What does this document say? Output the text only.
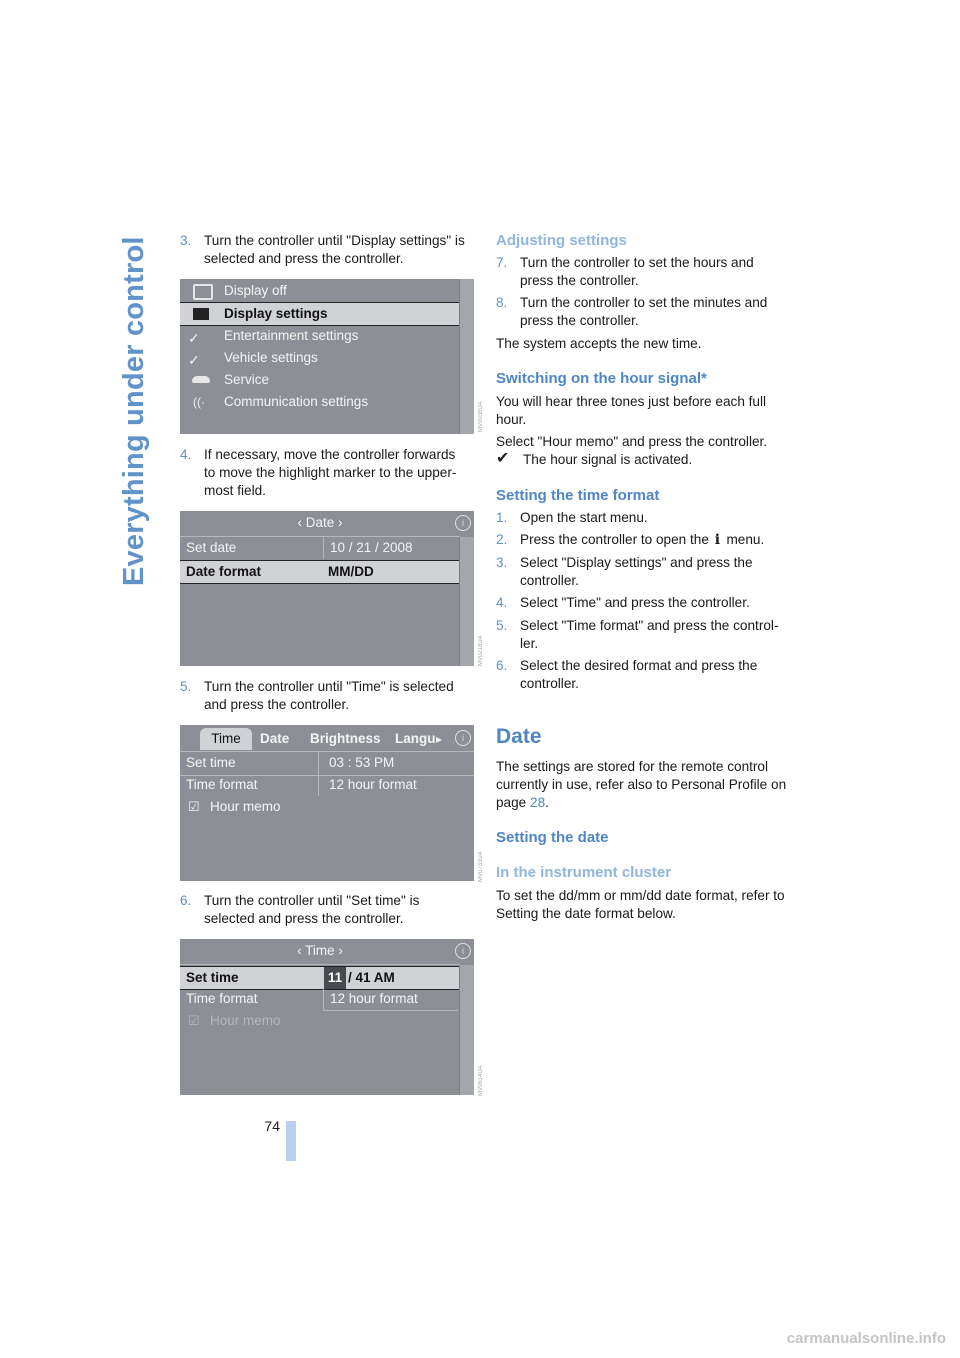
Everything under control
74
3. Turn the controller until "Display settings" is selected and press the controller.
Display off
Display settings
✓ Entertainment settings
✓ Vehicle settings
Service
((· Communication settings	MV0038UA
4. If necessary, move the controller forwards to move the highlight marker to the upper-most field.
‹ Date ›	i
Set date	10 / 21 / 2008
Date format	MM/DD
MV0218UA
5. Turn the controller until "Time" is selected and press the controller.
Time	Date	Brightness	Langu ▸	i
Set time	03 : 53 PM
Time format	12 hour format
☑ Hour memo
MV0733UA
6. Turn the controller until "Set time" is selected and press the controller.
‹ Time ›	i
Set time	11 / 41 AM
Time format	12 hour format
☑ Hour memo
MV0614UA
Adjusting settings
7. Turn the controller to set the hours and press the controller.
8. Turn the controller to set the minutes and press the controller.
The system accepts the new time.
Switching on the hour signal*
You will hear three tones just before each full hour.
Select "Hour memo" and press the controller.
✔ The hour signal is activated.
Setting the time format
1. Open the start menu.
2. Press the controller to open the i menu.
3. Select "Display settings" and press the controller.
4. Select "Time" and press the controller.
5. Select "Time format" and press the control-ler.
6. Select the desired format and press the controller.
Date
The settings are stored for the remote control currently in use, refer also to Personal Profile on page 28.
Setting the date
In the instrument cluster
To set the dd/mm or mm/dd date format, refer to Setting the date format below.
carmanualsonline.info
